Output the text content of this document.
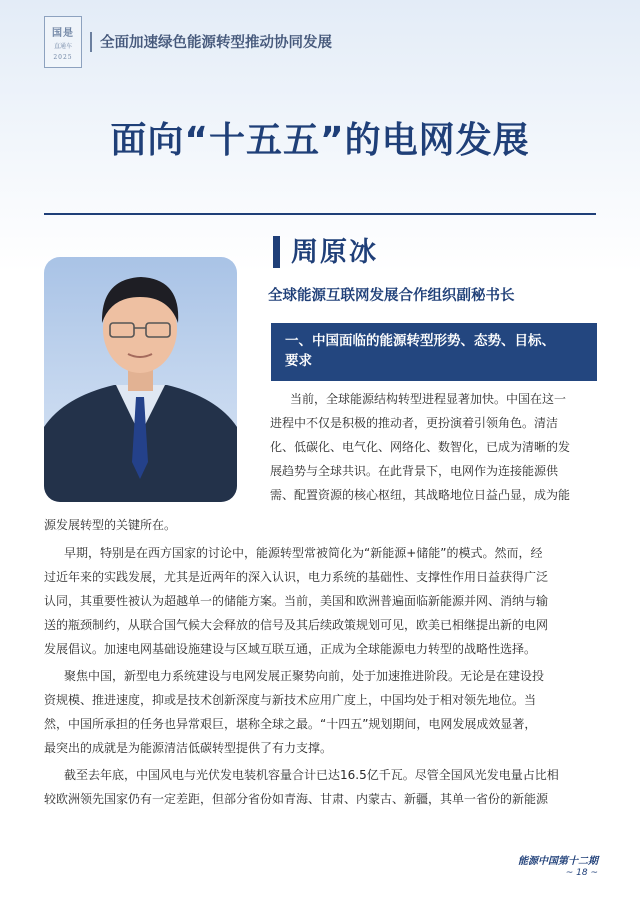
国是
直通车
2025
全面加速绿色能源转型推动协同发展
面向“十五五”的电网发展
周原冰
全球能源互联网发展合作组织副秘书长
一、中国面临的能源转型形势、态势、目标、
要求
当前，全球能源结构转型进程显著加快。中国在这一
进程中不仅是积极的推动者，更扮演着引领角色。清洁
化、低碳化、电气化、网络化、数智化，已成为清晰的发
展趋势与全球共识。在此背景下，电网作为连接能源供
需、配置资源的核心枢纽，其战略地位日益凸显，成为能
源发展转型的关键所在。
早期，特别是在西方国家的讨论中，能源转型常被简化为“新能源+储能”的模式。然而，经
过近年来的实践发展，尤其是近两年的深入认识，电力系统的基础性、支撑性作用日益获得广泛
认同，其重要性被认为超越单一的储能方案。当前，美国和欧洲普遍面临新能源并网、消纳与输
送的瓶颈制约，从联合国气候大会释放的信号及其后续政策规划可见，欧美已相继提出新的电网
发展倡议。加速电网基础设施建设与区域互联互通，正成为全球能源电力转型的战略性选择。
聚焦中国，新型电力系统建设与电网发展正聚势向前，处于加速推进阶段。无论是在建设投
资规模、推进速度，抑或是技术创新深度与新技术应用广度上，中国均处于相对领先地位。当
然，中国所承担的任务也异常艰巨，堪称全球之最。“十四五”规划期间，电网发展成效显著，
最突出的成就是为能源清洁低碳转型提供了有力支撑。
截至去年底，中国风电与光伏发电装机容量合计已达16.5亿千瓦。尽管全国风光发电量占比相
较欧洲领先国家仍有一定差距，但部分省份如青海、甘肃、内蒙古、新疆，其单一省份的新能源
能源中国第十二期
~ 18 ~
